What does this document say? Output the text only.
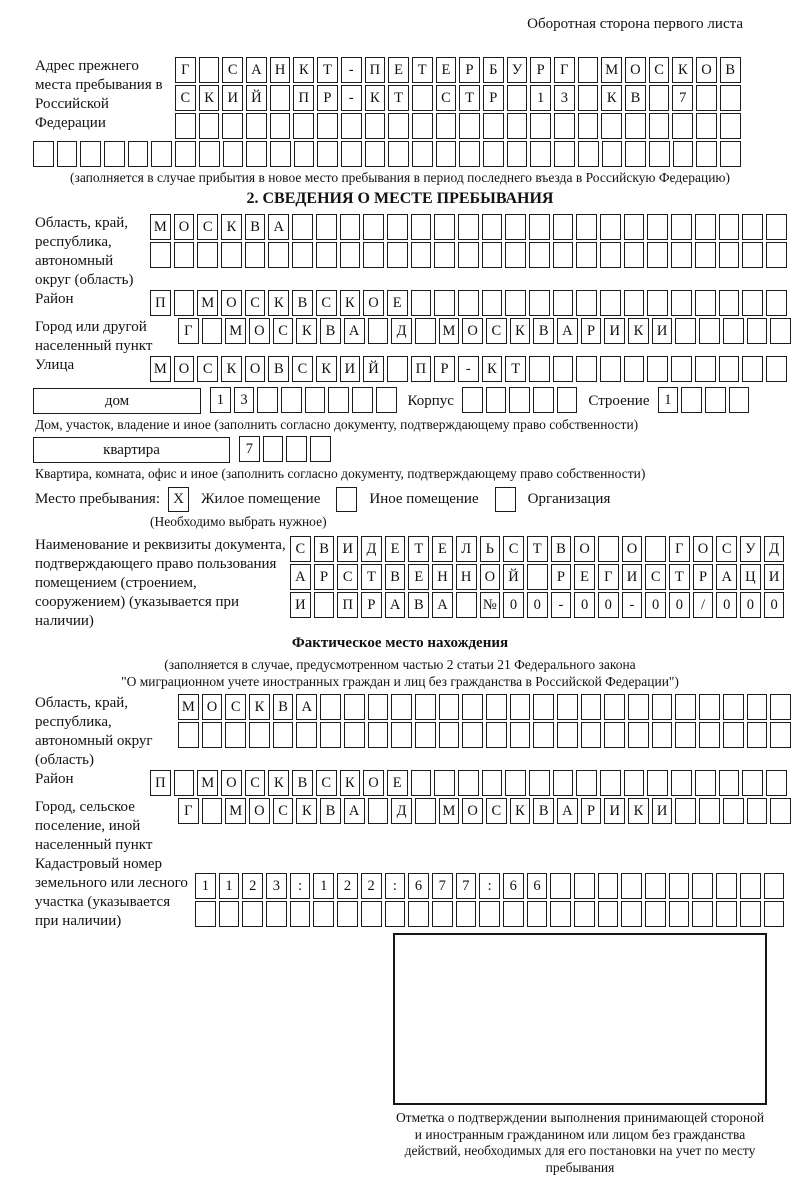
Оборотная сторона первого листа
Адрес прежнего места пребывания в Российской Федерации
Г	С А Н К Т	-	П Е	Т	Е	Р	Б У	Р	Г	М О С К О В
С К И Й	П Р	-	К Т	С Т	Р	1	3	К В	7
(заполняется в случае прибытия в новое место пребывания в период последнего въезда в Российскую Федерацию)
2. СВЕДЕНИЯ О МЕСТЕ ПРЕБЫВАНИЯ
Область, край, республика, автономный округ (область)
М О С К В А
Район	П	М О С К В С К О Е
Город или другой населенный пункт
Г	М О С К В А	Д	М О С К В А Р И К И
Улица	М О С К О В С К И Й	П Р	-	К Т
дом	1	3	Корпус	Строение	1
Дом, участок, владение и иное (заполнить согласно документу, подтверждающему право собственности)
квартира	7
Квартира, комната, офис и иное (заполнить согласно документу, подтверждающему право собственности)
Место пребывания: X	Жилое помещение	Иное помещение	Организация
(Необходимо выбрать нужное)
Наименование и реквизиты документа, подтверждающего право пользования помещением (строением, сооружением) (указывается при наличии)
С В И Д Е	Т	Е Л	Ь	С Т В О	О	Г О С У Д
А Р	С Т В Е Н Н О Й	Р	Е	Г И С Т	Р А Ц И
И	П Р А В А	№ 0	0	-	0	0	-	0	0	/	0	0	0
Фактическое место нахождения
(заполняется в случае, предусмотренном частью 2 статьи 21 Федерального закона
"О миграционном учете иностранных граждан и лиц без гражданства в Российской Федерации")
Область, край, республика, автономный округ (область)
М О С К В А
Район	П	М О С К В С К О Е
Город, сельское поселение, иной населенный пункт
Г	М О С К В А	Д	М О С К В А Р И К И
Кадастровый номер земельного или лесного участка (указывается при наличии)
1	1	2	3	:	1	2	2	:	6	7	7	:	6	6
Отметка о подтверждении выполнения принимающей стороной и иностранным гражданином или лицом без гражданства действий, необходимых для его постановки на учет по месту пребывания
